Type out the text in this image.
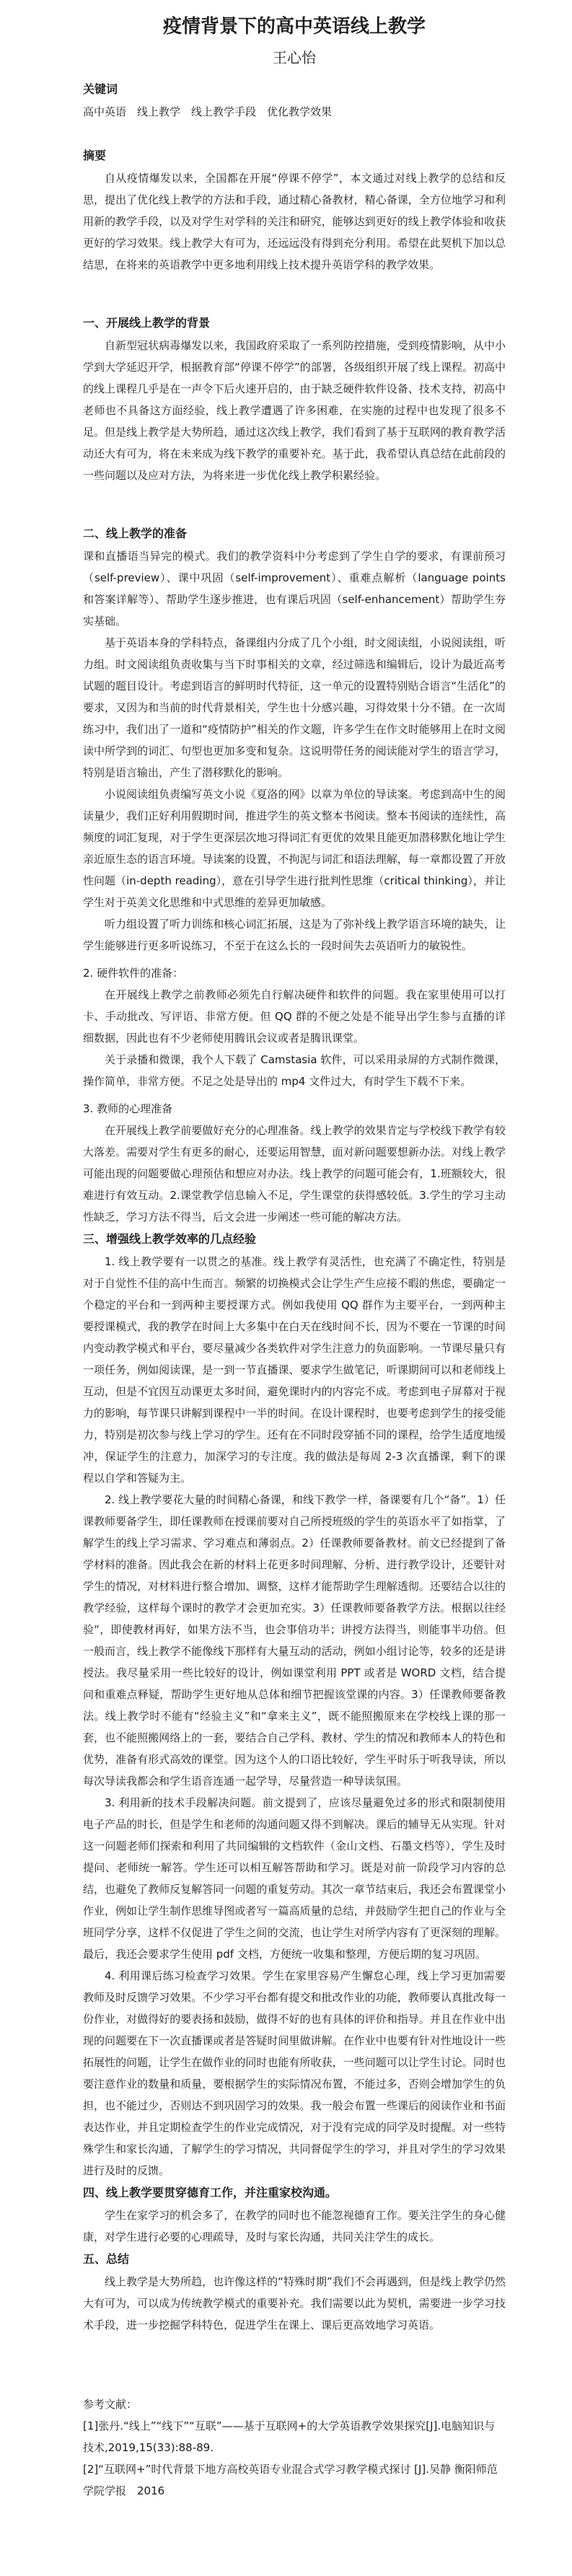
疫情背景下的高中英语线上教学
王心怡
关键词
高中英语　线上教学　线上教学手段　优化教学效果
摘要

自从疫情爆发以来，全国都在开展“停课不停学”，本文通过对线上教学的总结和反思，提出了优化线上教学的方法和手段，通过精心备教材，精心备课，全方位地学习和利用新的教学手段，以及对学生对学科的关注和研究，能够达到更好的线上教学体验和收获更好的学习效果。线上教学大有可为，还远远没有得到充分利用。希望在此契机下加以总结思，在将来的英语教学中更多地利用线上技术提升英语学科的教学效果。

一、开展线上教学的背景

自新型冠状病毒爆发以来，我国政府采取了一系列防控措施，受到疫情影响，从中小学到大学延迟开学，根据教育部“停课不停学”的部署，各级组织开展了线上课程。初高中的线上课程几乎是在一声令下后火速开启的，由于缺乏硬件软件设备、技术支持，初高中老师也不具备这方面经验，线上教学遭遇了许多困难，在实施的过程中也发现了很多不足。但是线上教学是大势所趋，通过这次线上教学，我们看到了基于互联网的教育教学活动还大有可为，将在未来成为线下教学的重要补充。基于此，我希望认真总结在此前段的一些问题以及应对方法，为将来进一步优化线上教学积累经验。

二、线上教学的准备

课和直播语当异完的模式。我们的教学资料中分考虑到了学生自学的要求，有课前预习（self-preview）、课中巩固（self-improvement）、重难点解析（language points 和答案详解等）、帮助学生逐步推进，也有课后巩固（self-enhancement）帮助学生夯实基础。

基于英语本身的学科特点，备课组内分成了几个小组，时文阅读组，小说阅读组，听力组。时文阅读组负责收集与当下时事相关的文章，经过筛选和编辑后，设计为最近高考试题的题目设计。考虑到语言的鲜明时代特征，这一单元的设置特别贴合语言“生活化”的要求，又因为和当前的时代背景相关，学生也十分感兴趣，习得效果十分不错。在一次周练习中，我们出了一道和“疫情防护”相关的作文题，许多学生在作文时能够用上在时文阅读中所学到的词汇、句型也更加多变和复杂。这说明带任务的阅读能对学生的语言学习，特别是语言输出，产生了潜移默化的影响。

小说阅读组负责编写英文小说《夏洛的网》以章为单位的导读案。考虑到高中生的阅读量少，我们正好利用假期时间，推进学生的英文整本书阅读。整本书阅读的连续性，高频度的词汇复现，对于学生更深层次地习得词汇有更优的效果且能更加潜移默化地让学生亲近原生态的语言环境。导读案的设置，不拘泥与词汇和语法理解，每一章都设置了开放性问题（in-depth reading），意在引导学生进行批判性思维（critical thinking），并让学生对于英美文化思维和中式思维的差异更加敏感。

听力组设置了听力训练和核心词汇拓展，这是为了弥补线上教学语言环境的缺失，让学生能够进行更多听说练习，不至于在这么长的一段时间失去英语听力的敏锐性。

2. 硬件软件的准备：

在开展线上教学之前教师必须先自行解决硬件和软件的问题。我在家里使用可以打卡、手动批改、写评语、非常方便。但 QQ 群的不便之处是不能导出学生参与直播的详细数据，因此也有不少老师使用腾讯会议或者是腾讯课堂。

关于录播和微课，我个人下载了 Camstasia 软件，可以采用录屏的方式制作微课，操作简单，非常方便。不足之处是导出的 mp4 文件过大，有时学生下载不下来。

3. 教师的心理准备

在开展线上教学前要做好充分的心理准备。线上教学的效果肯定与学校线下教学有较大落差。需要对学生有更多的耐心，还要运用智慧，面对新问题要想新办法。对线上教学可能出现的问题要做心理预估和想应对办法。线上教学的问题可能会有，1.班额较大，很难进行有效互动。2.课堂教学信息输入不足，学生课堂的获得感较低。3.学生的学习主动性缺乏，学习方法不得当，后文会进一步阐述一些可能的解决方法。

三、增强线上教学效率的几点经验

1. 线上教学要有一以贯之的基准。线上教学有灵活性，也充满了不确定性，特别是对于自觉性不佳的高中生而言。频繁的切换模式会让学生产生应接不暇的焦虑，要确定一个稳定的平台和一到两种主要授课方式。例如我使用 QQ 群作为主要平台，一到两种主要授课模式，我的教学在时间上大多集中在白天在线时间不长，因为不要在一节课的时间内变动教学模式和平台，要尽量减少各类软件对学生注意力的负面影响。一节课尽量只有一项任务，例如阅读课，是一到一节直播课、要求学生做笔记，听课期间可以和老师线上互动，但是不宜因互动课更太多时间，避免课时内的内容完不成。考虑到电子屏幕对于视力的影响，每节课只讲解到课程中一半的时间。在设计课程时，也要考虑到学生的接受能力，特别是初次参与线上学习的学生。还有在不同时段穿插不同的课程，给学生适度地缓冲，保证学生的注意力，加深学习的专注度。我的做法是每周 2-3 次直播课，剩下的课程以自学和答疑为主。

2. 线上教学要花大量的时间精心备课，和线下教学一样，备课要有几个“备”。1）任课教师要备学生，即任课教师在授课前要对自己所授班级的学生的英语水平了如指掌，了解学生的线上学习需求、学习难点和薄弱点。2）任课教师要备教材。前文已经提到了备学材料的准备。因此我会在新的材料上花更多时间理解、分析、进行教学设计，还要针对学生的情况，对材料进行整合增加、调整，这样才能帮助学生理解透彻。还要结合以往的教学经验，这样每个课时的教学才会更加充实。3）任课教师要备教学方法。根据以往经验“，即使教材再好，如果方法不当，也会事倍功半；讲授方法得当，则能事半功倍。但一般而言，线上教学不能像线下那样有大量互动的活动，例如小组讨论等，较多的还是讲授法。我尽量采用一些比较好的设计，例如课堂利用 PPT 或者是 WORD 文档，结合提问和重难点释疑，帮助学生更好地从总体和细节把握该堂课的内容。3）任课教师要备教法。线上教学时不能有“经验主义”和“拿来主义”，既不能照搬原来在学校线上课的那一套，也不能照搬网络上的一套，要结合自己学科、教材、学生的情况和教师本人的特色和优势，准备有形式高效的课堂。因为这个人的口语比较好，学生平时乐于听我导读，所以每次导读我都会和学生语音连通一起学导，尽量营造一种导读氛围。

3. 利用新的技术手段解决问题。前文提到了，应该尽量避免过多的形式和限制使用电子产品的时长，但是学生和老师的沟通问题又得不到解决。课后的辅导无从实现。针对这一问题老师们探索和利用了共同编辑的文档软件（金山文档、石墨文档等），学生及时提问、老师统一解答。学生还可以相互解答帮助和学习。既是对前一阶段学习内容的总结，也避免了教师反复解答同一问题的重复劳动。其次一章节结束后，我还会布置课堂小作业，例如让学生制作思维导图或者写一篇高质量的总结，并鼓励学生把自己的作业与全班同学分享，这样不仅促进了学生之间的交流，也让学生对所学内容有了更深刻的理解。最后，我还会要求学生使用 pdf 文档，方便统一收集和整理，方便后期的复习巩固。

4. 利用课后练习检查学习效果。学生在家里容易产生懈怠心理，线上学习更加需要教师及时反馈学习效果。不少学习平台都有提交和批改作业的功能，教师要认真批改每一份作业，对做得好的要表扬和鼓励，做得不好的也有具体的评价和指导。并且在作业中出现的问题要在下一次直播课或者是答疑时间里做讲解。在作业中也要有针对性地设计一些拓展性的问题，让学生在做作业的同时也能有所收获，一些问题可以让学生讨论。同时也要注意作业的数量和质量，要根据学生的实际情况布置，不能过多，否则会增加学生的负担，也不能过少，否则达不到巩固学习的效果。我一般会布置一些课后的阅读作业和书面表达作业，并且定期检查学生的作业完成情况，对于没有完成的同学及时提醒。对一些特殊学生和家长沟通，了解学生的学习情况，共同督促学生的学习，并且对学生的学习效果进行及时的反馈。

四、线上教学要贯穿德育工作，并注重家校沟通。

学生在家学习的机会多了，在教学的同时也不能忽视德育工作。要关注学生的身心健康，对学生进行必要的心理疏导，及时与家长沟通，共同关注学生的成长。

五、总结

线上教学是大势所趋，也许像这样的“特殊时期”我们不会再遇到，但是线上教学仍然大有可为，可以成为传统教学模式的重要补充。我们需要以此为契机，需要进一步学习技术手段，进一步挖掘学科特色，促进学生在课上、课后更高效地学习英语。

参考文献：

[1]张丹.“线上”“线下”“互联”——基于互联网+的大学英语教学效果探究[J].电脑知识与技术,2019,15(33):88-89.

[2]“互联网+”时代背景下地方高校英语专业混合式学习教学模式探讨 [J].吴静 衡阳师范学院学报　2016
